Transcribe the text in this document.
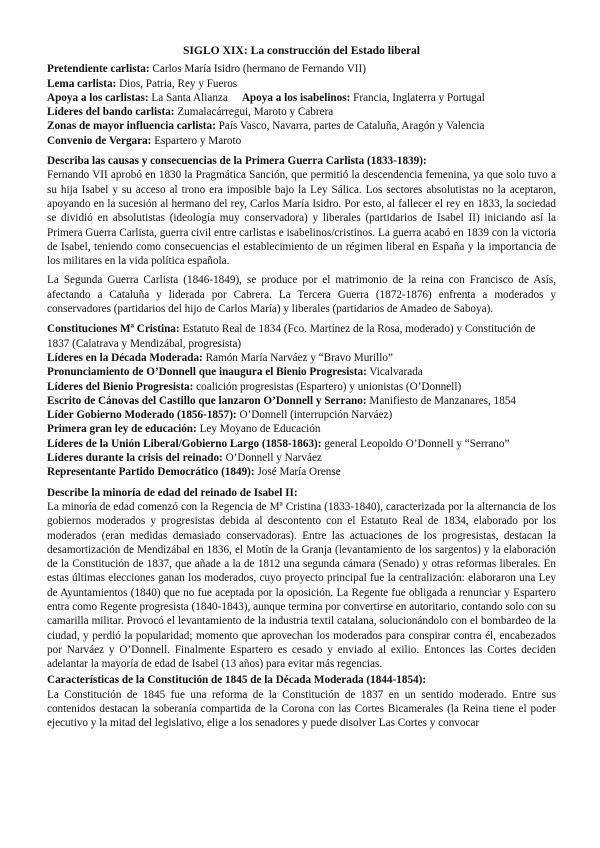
SIGLO XIX: La construcción del Estado liberal
Pretendiente carlista: Carlos María Isidro (hermano de Fernando VII)
Lema carlista: Dios, Patria, Rey y Fueros
Apoya a los carlistas: La Santa Alianza Apoya a los isabelinos: Francia, Inglaterra y Portugal
Líderes del bando carlista: Zumalacárregui, Maroto y Cabrera
Zonas de mayor influencia carlista: País Vasco, Navarra, partes de Cataluña, Aragón y Valencia
Convenio de Vergara: Espartero y Maroto
Describa las causas y consecuencias de la Primera Guerra Carlista (1833-1839):

Fernando VII aprobó en 1830 la Pragmática Sanción, que permitió la descendencia femenina, ya que solo tuvo a su hija Isabel y su acceso al trono era imposible bajo la Ley Sálica. Los sectores absolutistas no la aceptaron, apoyando en la sucesión al hermano del rey, Carlos María Isidro. Por esto, al fallecer el rey en 1833, la sociedad se dividió en absolutistas (ideología muy conservadora) y liberales (partidarios de Isabel II) iniciando así la Primera Guerra Carlista, guerra civil entre carlistas e isabelinos/cristinos. La guerra acabó en 1839 con la victoria de Isabel, teniendo como consecuencias el establecimiento de un régimen liberal en España y la importancia de los militares en la vida política española.

La Segunda Guerra Carlista (1846-1849), se produce por el matrimonio de la reina con Francisco de Asís, afectando a Cataluña y liderada por Cabrera. La Tercera Guerra (1872-1876) enfrenta a moderados y conservadores (partidarios del hijo de Carlos María) y liberales (partidarios de Amadeo de Saboya).

Constituciones Mª Cristina: Estatuto Real de 1834 (Fco. Martínez de la Rosa, moderado) y Constitución de 1837 (Calatrava y Mendizábal, progresista)
Líderes en la Década Moderada: Ramón María Narváez y “Bravo Murillo”
Pronunciamiento de O’Donnell que inaugura el Bienio Progresista: Vicalvarada
Líderes del Bienio Progresista: coalición progresistas (Espartero) y unionistas (O’Donnell)
Escrito de Cánovas del Castillo que lanzaron O’Donnell y Serrano: Manifiesto de Manzanares, 1854
Líder Gobierno Moderado (1856-1857): O’Donnell (interrupción Narváez)
Primera gran ley de educación: Ley Moyano de Educación
Líderes de la Unión Liberal/Gobierno Largo (1858-1863): general Leopoldo O’Donnell y “Serrano”
Líderes durante la crisis del reinado: O’Donnell y Narváez
Representante Partido Democrático (1849): José María Orense
Describe la minoría de edad del reinado de Isabel II:

La minoría de edad comenzó con la Regencia de Mª Cristina (1833-1840), caracterizada por la alternancia de los gobiernos moderados y progresistas debida al descontento con el Estatuto Real de 1834, elaborado por los moderados (eran medidas demasiado conservadoras). Entre las actuaciones de los progresistas, destacan la desamortización de Mendizábal en 1836, el Motín de la Granja (levantamiento de los sargentos) y la elaboración de la Constitución de 1837, que añade a la de 1812 una segunda cámara (Senado) y otras reformas liberales. En estas últimas elecciones ganan los moderados, cuyo proyecto principal fue la centralización: elaboraron una Ley de Ayuntamientos (1840) que no fue aceptada por la oposición. La Regente fue obligada a renunciar y Espartero entra como Regente progresista (1840-1843), aunque termina por convertirse en autoritario, contando solo con su camarilla militar. Provocó el levantamiento de la industria textil catalana, solucionándolo con el bombardeo de la ciudad, y perdió la popularidad; momento que aprovechan los moderados para conspirar contra él, encabezados por Narváez y O’Donnell. Finalmente Espartero es cesado y enviado al exilio. Entonces las Cortes deciden adelantar la mayoría de edad de Isabel (13 años) para evitar más regencias.

Características de la Constitución de 1845 de la Década Moderada (1844-1854):

La Constitución de 1845 fue una reforma de la Constitución de 1837 en un sentido moderado. Entre sus contenidos destacan la soberanía compartida de la Corona con las Cortes Bicamerales (la Reina tiene el poder ejecutivo y la mitad del legislativo, elige a los senadores y puede disolver Las Cortes y convocar
